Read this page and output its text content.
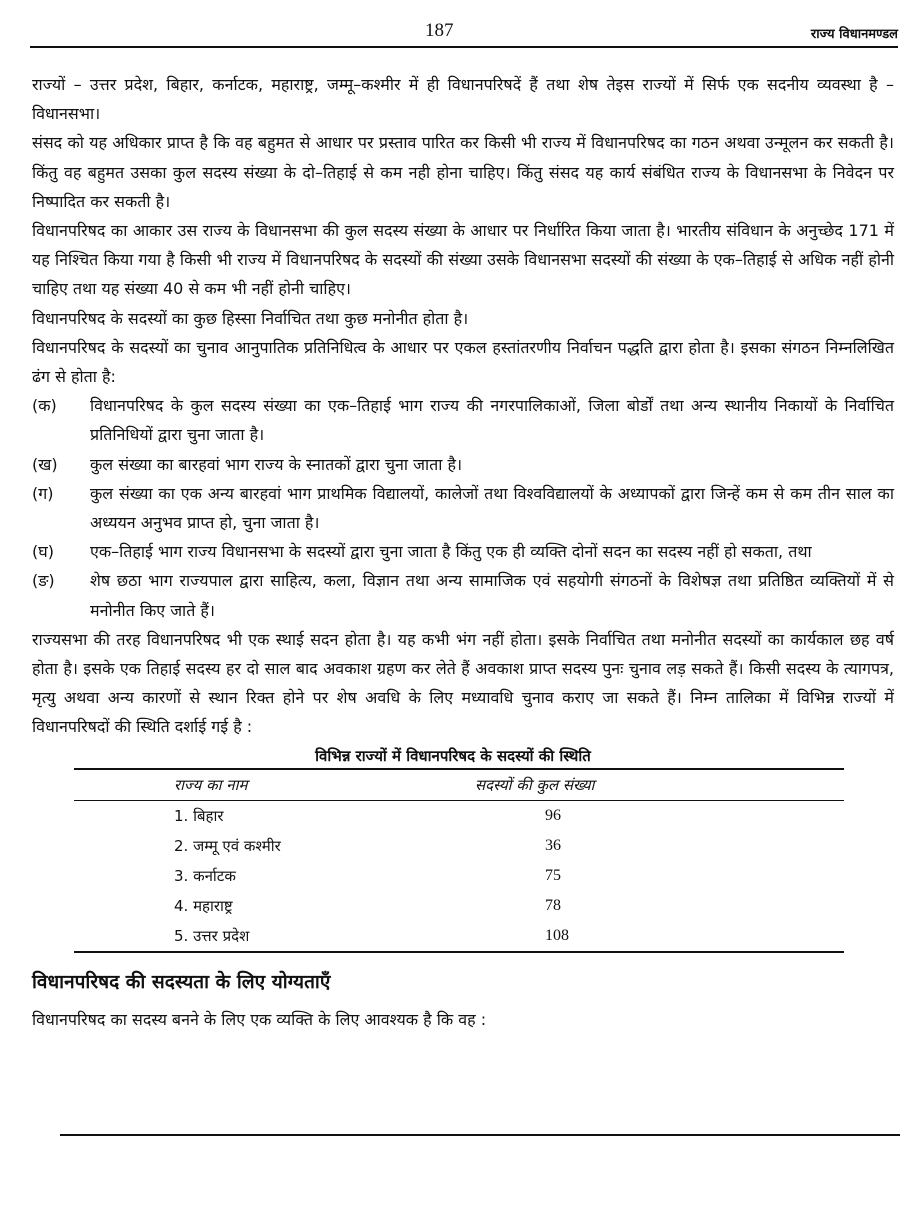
187	राज्य विधानमण्डल

राज्यों – उत्तर प्रदेश, बिहार, कर्नाटक, महाराष्ट्र, जम्मू–कश्मीर में ही विधानपरिषदें हैं तथा शेष तेइस राज्यों में सिर्फ एक सदनीय व्यवस्था है – विधानसभा।

संसद को यह अधिकार प्राप्त है कि वह बहुमत से आधार पर प्रस्ताव पारित कर किसी भी राज्य में विधानपरिषद का गठन अथवा उन्मूलन कर सकती है। किंतु वह बहुमत उसका कुल सदस्य संख्या के दो–तिहाई से कम नही होना चाहिए। किंतु संसद यह कार्य संबंधित राज्य के विधानसभा के निवेदन पर निष्पादित कर सकती है।

विधानपरिषद का आकार उस राज्य के विधानसभा की कुल सदस्य संख्या के आधार पर निर्धारित किया जाता है। भारतीय संविधान के अनुच्छेद 171 में यह निश्चित किया गया है किसी भी राज्य में विधानपरिषद के सदस्यों की संख्या उसके विधानसभा सदस्यों की संख्या के एक–तिहाई से अधिक नहीं होनी चाहिए तथा यह संख्या 40 से कम भी नहीं होनी चाहिए।

विधानपरिषद के सदस्यों का कुछ हिस्सा निर्वाचित तथा कुछ मनोनीत होता है।

विधानपरिषद के सदस्यों का चुनाव आनुपातिक प्रतिनिधित्व के आधार पर एकल हस्तांतरणीय निर्वाचन पद्धति द्वारा होता है। इसका संगठन निम्नलिखित ढंग से होता है:

(क)	विधानपरिषद के कुल सदस्य संख्या का एक–तिहाई भाग राज्य की नगरपालिकाओं, जिला बोर्डों तथा अन्य स्थानीय निकायों के निर्वाचित प्रतिनिधियों द्वारा चुना जाता है।
(ख)	कुल संख्या का बारहवां भाग राज्य के स्नातकों द्वारा चुना जाता है।
(ग)	कुल संख्या का एक अन्य बारहवां भाग प्राथमिक विद्यालयों, कालेजों तथा विश्वविद्यालयों के अध्यापकों द्वारा जिन्हें कम से कम तीन साल का अध्ययन अनुभव प्राप्त हो, चुना जाता है।
(घ)	एक–तिहाई भाग राज्य विधानसभा के सदस्यों द्वारा चुना जाता है किंतु एक ही व्यक्ति दोनों सदन का सदस्य नहीं हो सकता, तथा
(ङ)	शेष छठा भाग राज्यपाल द्वारा साहित्य, कला, विज्ञान तथा अन्य सामाजिक एवं सहयोगी संगठनों के विशेषज्ञ तथा प्रतिष्ठित व्यक्तियों में से मनोनीत किए जाते हैं।

राज्यसभा की तरह विधानपरिषद भी एक स्थाई सदन होता है। यह कभी भंग नहीं होता। इसके निर्वाचित तथा मनोनीत सदस्यों का कार्यकाल छह वर्ष होता है। इसके एक तिहाई सदस्य हर दो साल बाद अवकाश ग्रहण कर लेते हैं अवकाश प्राप्त सदस्य पुनः चुनाव लड़ सकते हैं। किसी सदस्य के त्यागपत्र, मृत्यु अथवा अन्य कारणों से स्थान रिक्त होने पर शेष अवधि के लिए मध्यावधि चुनाव कराए जा सकते हैं। निम्न तालिका में विभिन्न राज्यों में विधानपरिषदों की स्थिति दर्शाई गई है :

विभिन्न राज्यों में विधानपरिषद के सदस्यों की स्थिति
राज्य का नाम	सदस्यों की कुल संख्या
1. बिहार	96
2. जम्मू एवं कश्मीर	36
3. कर्नाटक	75
4. महाराष्ट्र	78
5. उत्तर प्रदेश	108
विधानपरिषद की सदस्यता के लिए योग्यताएँ

विधानपरिषद का सदस्य बनने के लिए एक व्यक्ति के लिए आवश्यक है कि वह :
